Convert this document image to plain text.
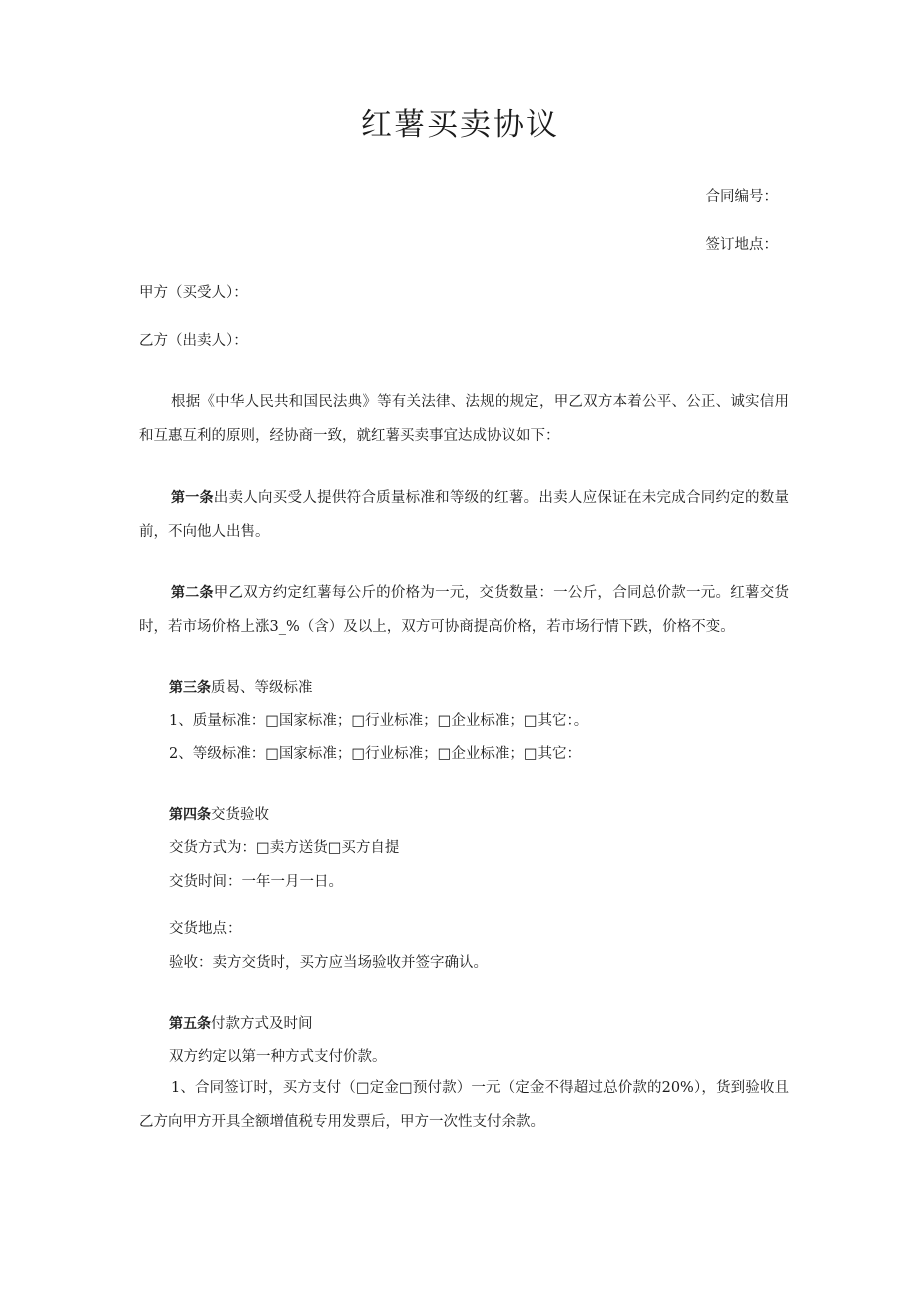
红薯买卖协议
合同编号：
签订地点：
甲方（买受人）：
乙方（出卖人）：
根据《中华人民共和国民法典》等有关法律、法规的规定，甲乙双方本着公平、公正、诚实信用和互惠互利的原则，经协商一致，就红薯买卖事宜达成协议如下：
第一条出卖人向买受人提供符合质量标准和等级的红薯。出卖人应保证在未完成合同约定的数量前，不向他人出售。
第二条甲乙双方约定红薯每公斤的价格为一元，交货数量：一公斤，合同总价款一元。红薯交货时，若市场价格上涨3_%（含）及以上，双方可协商提高价格，若市场行情下跌，价格不变。
第三条质曷、等级标准
1、质量标准：□国家标准；□行业标准；□企业标准；□其它：。
2、等级标准：□国家标准；□行业标准；□企业标准；□其它：
第四条交货验收
交货方式为：□卖方送货□买方自提
交货时间：一年一月一日。
交货地点：
验收：卖方交货时，买方应当场验收并签字确认。
第五条付款方式及时间
双方约定以第一种方式支付价款。
1、合同签订时，买方支付（□定金□预付款）一元（定金不得超过总价款的20%），货到验收且乙方向甲方开具全额增值税专用发票后，甲方一次性支付余款。
